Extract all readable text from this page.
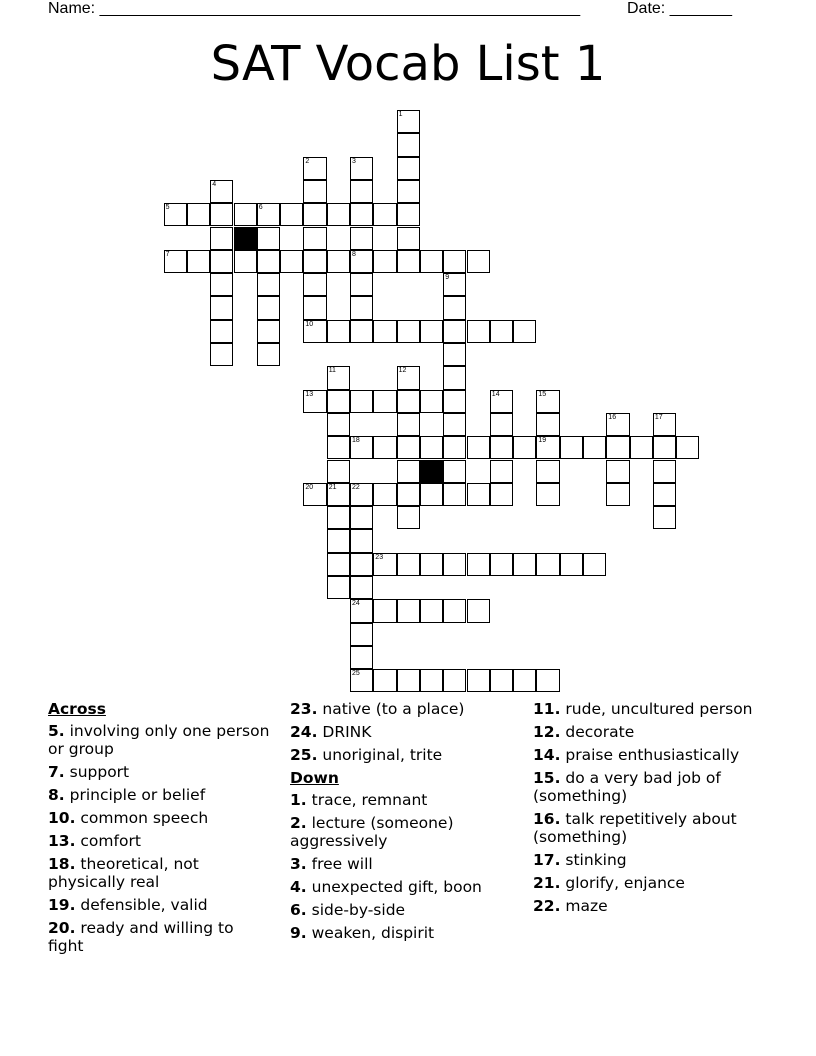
Name: ______________________________________________________	Date: _______
SAT Vocab List 1
5	6
7	8
10
13
18	19
20 21 22
23
24
25
1
2	3
4
9
11	12
14	15
16	17
Across
5. involving only one person or group
7. support
8. principle or belief
10. common speech
13. comfort
18. theoretical, not physically real
19. defensible, valid
20. ready and willing to fight
23. native (to a place)
24. DRINK
25. unoriginal, trite
Down
1. trace, remnant
2. lecture (someone) aggressively
3. free will
4. unexpected gift, boon
6. side-by-side
9. weaken, dispirit
11. rude, uncultured person
12. decorate
14. praise enthusiastically
15. do a very bad job of (something)
16. talk repetitively about (something)
17. stinking
21. glorify, enjance
22. maze
